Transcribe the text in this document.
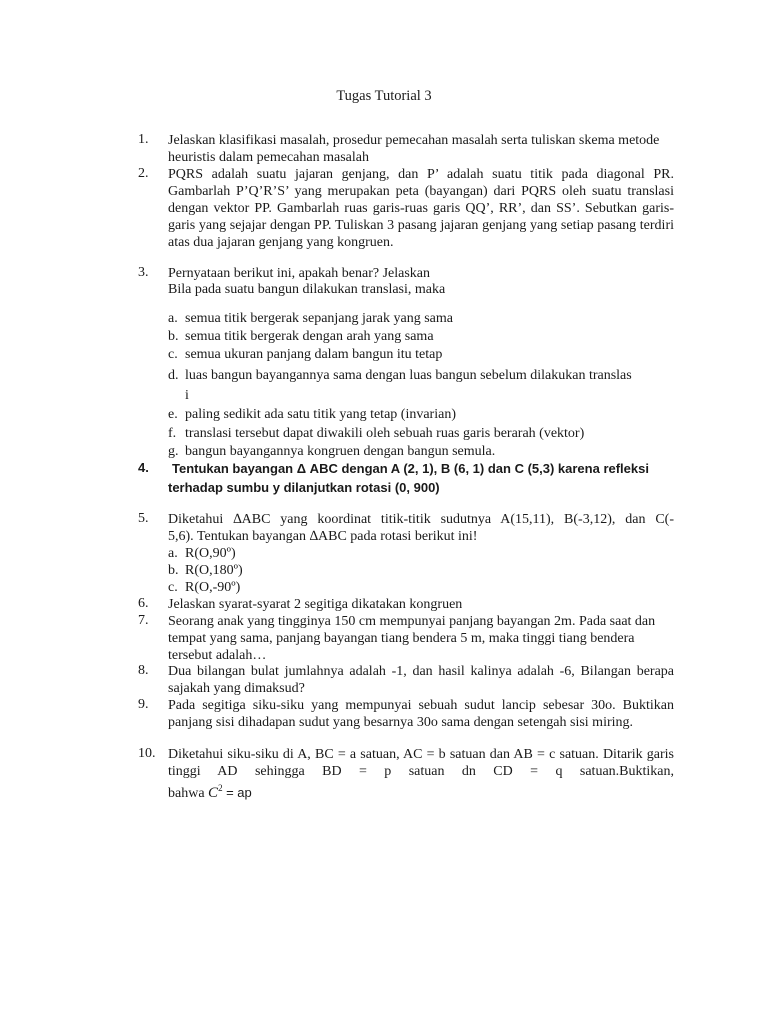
Tugas Tutorial 3
1.	Jelaskan klasifikasi masalah, prosedur pemecahan masalah serta tuliskan skema metode heuristis dalam pemecahan masalah
2.	PQRS adalah suatu jajaran genjang, dan P’ adalah suatu titik pada diagonal PR. Gambarlah P’Q’R’S’ yang merupakan peta (bayangan) dari PQRS oleh suatu translasi dengan vektor PP. Gambarlah ruas garis-ruas garis QQ’, RR’, dan SS’. Sebutkan garis-garis yang sejajar dengan PP. Tuliskan 3 pasang jajaran genjang yang setiap pasang terdiri atas dua jajaran genjang yang kongruen.
3.	Pernyataan berikut ini, apakah benar? Jelaskan
Bila pada suatu bangun dilakukan translasi, maka
a. semua titik bergerak sepanjang jarak yang sama
b. semua titik bergerak dengan arah yang sama
c. semua ukuran panjang dalam bangun itu tetap
d. luas bangun bayangannya sama dengan luas bangun sebelum dilakukan translas
i
e. paling sedikit ada satu titik yang tetap (invarian)
f. translasi tersebut dapat diwakili oleh sebuah ruas garis berarah (vektor)
g. bangun bayangannya kongruen dengan bangun semula.
4.	Tentukan bayangan Δ ABC dengan A (2, 1), B (6, 1) dan C (5,3) karena refleksi
terhadap sumbu y dilanjutkan rotasi (0, 900)
5.	Diketahui ∆ABC yang koordinat titik-titik sudutnya A(15,11), B(-3,12), dan C(-
5,6). Tentukan bayangan ∆ABC pada rotasi berikut ini!
a. R(O,90º)
b. R(O,180º)
c. R(O,-90º)
6.	Jelaskan syarat-syarat 2 segitiga dikatakan kongruen
7.	Seorang anak yang tingginya 150 cm mempunyai panjang bayangan 2m. Pada saat dan tempat yang sama, panjang bayangan tiang bendera 5 m, maka tinggi tiang bendera tersebut adalah…
8.	Dua bilangan bulat jumlahnya adalah -1, dan hasil kalinya adalah -6, Bilangan berapa sajakah yang dimaksud?
9.	Pada segitiga siku-siku yang mempunyai sebuah sudut lancip sebesar 30o. Buktikan panjang sisi dihadapan sudut yang besarnya 30o sama dengan setengah sisi miring.
10. Diketahui siku-siku di A, BC = a satuan, AC = b satuan dan AB = c satuan. Ditarik garis tinggi AD sehingga BD = p satuan dn CD = q satuan.Buktikan,
bahwa $C^2$ = ap
